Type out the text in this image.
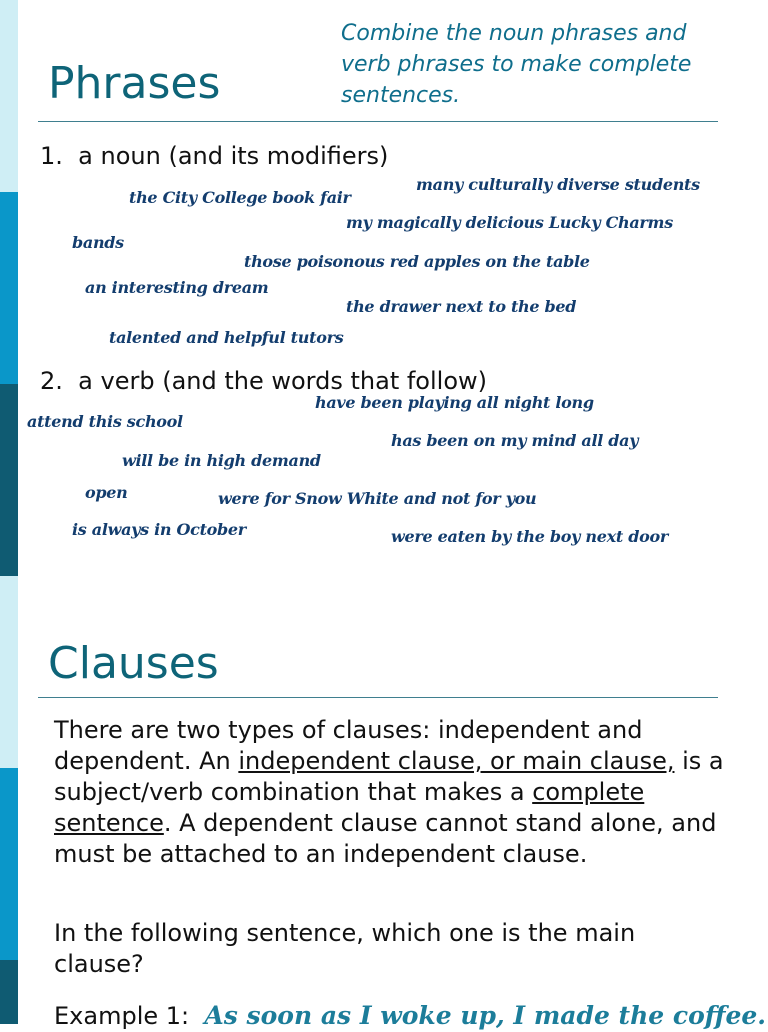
Phrases
Combine the noun phrases and verb phrases to make complete sentences.
1. a noun (and its modifiers)
many culturally diverse students
the City College book fair
my magically delicious Lucky Charms
bands
those poisonous red apples on the table
an interesting dream
the drawer next to the bed
talented and helpful tutors
2. a verb (and the words that follow)
have been playing all night long
attend this school
has been on my mind all day
will be in high demand
open	were for Snow White and not for you
is always in October	were eaten by the boy next door
Clauses

There are two types of clauses: independent and dependent. An independent clause, or main clause, is a subject/verb combination that makes a complete sentence. A dependent clause cannot stand alone, and must be attached to an independent clause.

In the following sentence, which one is the main clause?

Example 1: As soon as I woke up, I made the coffee.
